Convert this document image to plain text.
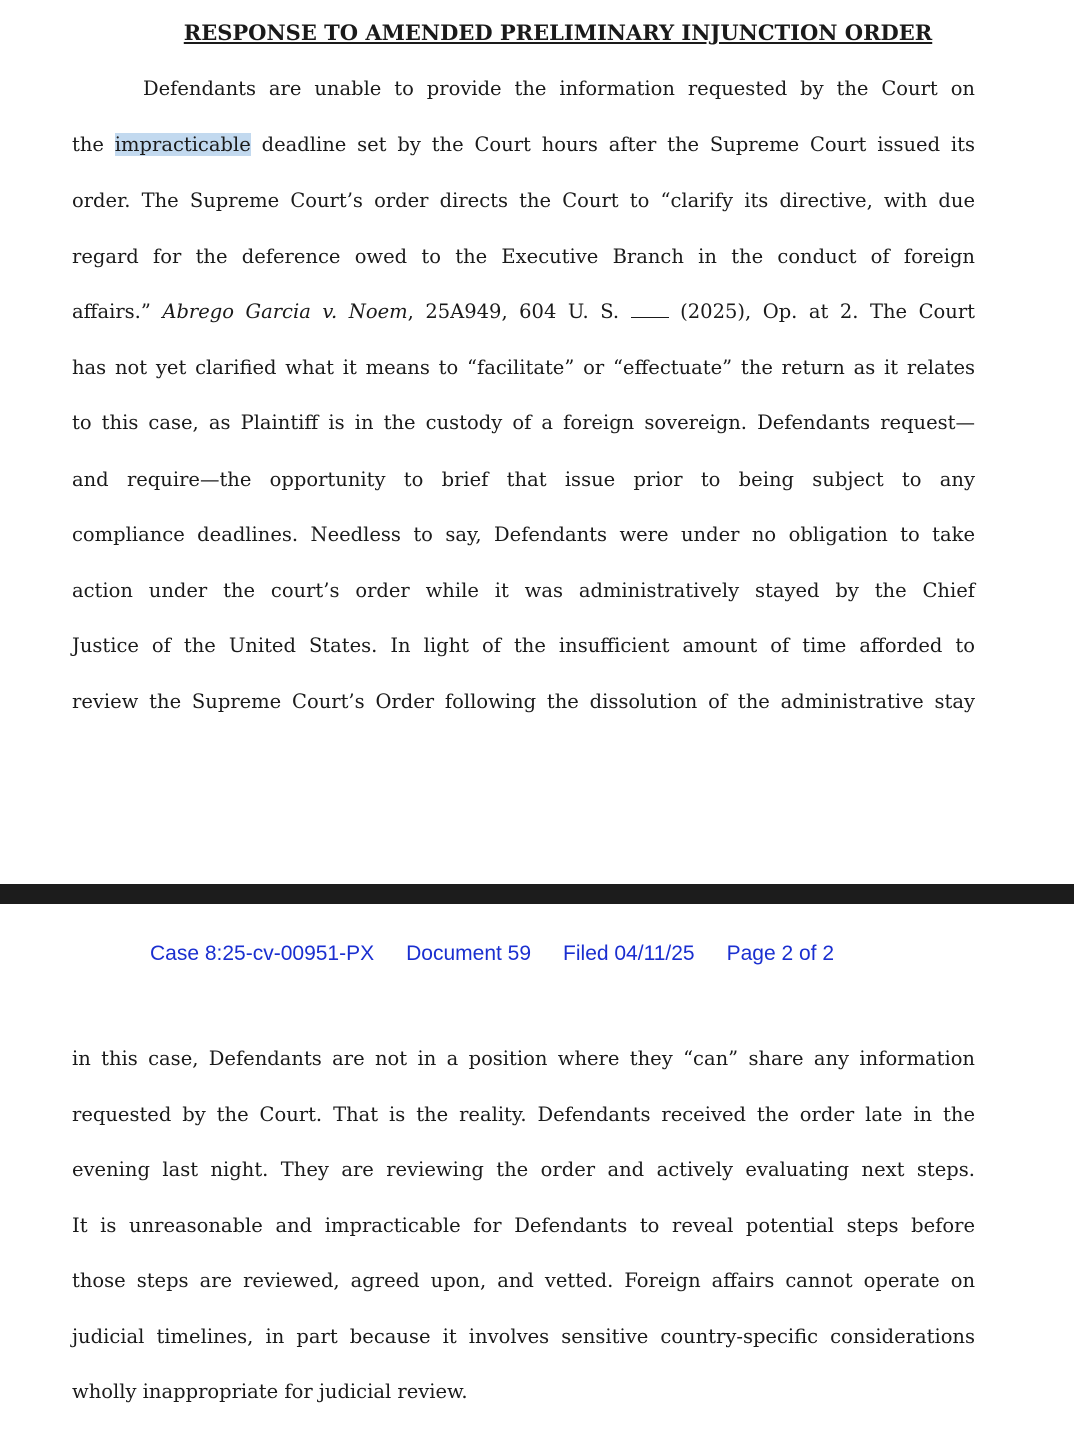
RESPONSE TO AMENDED PRELIMINARY INJUNCTION ORDER
Defendants are unable to provide the information requested by the Court on
the impracticable deadline set by the Court hours after the Supreme Court issued its
order. The Supreme Court’s order directs the Court to “clarify its directive, with due
regard for the deference owed to the Executive Branch in the conduct of foreign
affairs.” Abrego Garcia v. Noem, 25A949, 604 U. S.  (2025), Op. at 2. The Court
has not yet clarified what it means to “facilitate” or “effectuate” the return as it relates
to this case, as Plaintiff is in the custody of a foreign sovereign. Defendants request—
and require—the opportunity to brief that issue prior to being subject to any
compliance deadlines. Needless to say, Defendants were under no obligation to take
action under the court’s order while it was administratively stayed by the Chief
Justice of the United States. In light of the insufficient amount of time afforded to
review the Supreme Court’s Order following the dissolution of the administrative stay
Case 8:25-cv-00951-PX Document 59 Filed 04/11/25 Page 2 of 2
in this case, Defendants are not in a position where they “can” share any information
requested by the Court. That is the reality. Defendants received the order late in the
evening last night. They are reviewing the order and actively evaluating next steps.
It is unreasonable and impracticable for Defendants to reveal potential steps before
those steps are reviewed, agreed upon, and vetted. Foreign affairs cannot operate on
judicial timelines, in part because it involves sensitive country-specific considerations
wholly inappropriate for judicial review.
